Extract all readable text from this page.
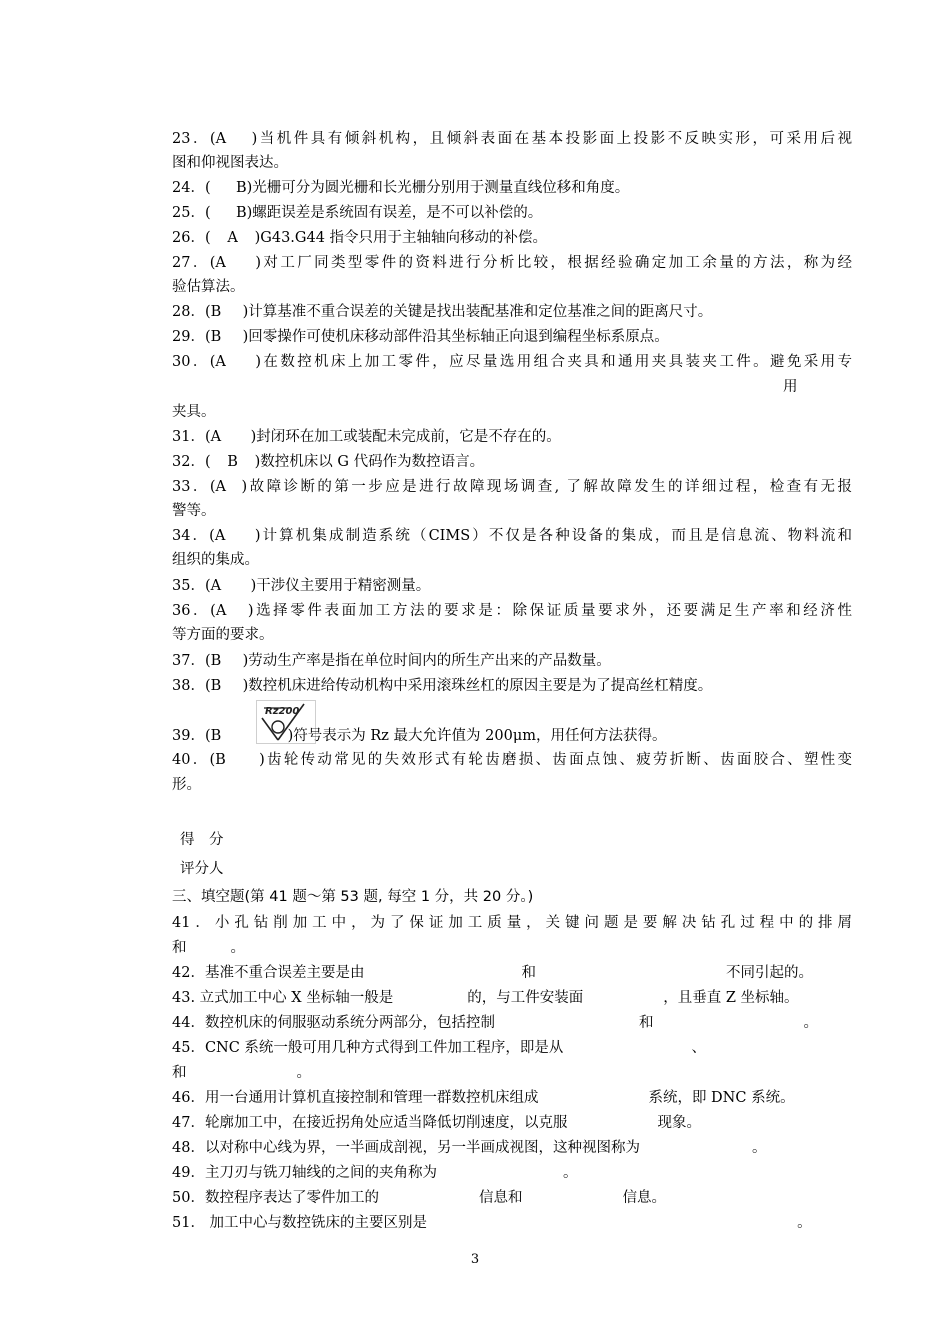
23．(A )当机件具有倾斜机构，且倾斜表面在基本投影面上投影不反映实形，可采用后视
图和仰视图表达。
24．( B)光栅可分为圆光栅和长光栅分别用于测量直线位移和角度。
25．( B)螺距误差是系统固有误差，是不可以补偿的。
26．( A )G43.G44 指令只用于主轴轴向移动的补偿。
27．(A )对工厂同类型零件的资料进行分析比较，根据经验确定加工余量的方法，称为经
验估算法。
28．(B )计算基准不重合误差的关键是找出装配基准和定位基准之间的距离尺寸。
29．(B )回零操作可使机床移动部件沿其坐标轴正向退到编程坐标系原点。
30．(A )在数控机床上加工零件，应尽量选用组合夹具和通用夹具装夹工件。避免采用专
用
夹具。
31．(A )封闭环在加工或装配未完成前，它是不存在的。
32．( B )数控机床以 G 代码作为数控语言。
33．(A )故障诊断的第一步应是进行故障现场调查, 了解故障发生的详细过程，检查有无报
警等。
34．(A )计算机集成制造系统（CIMS）不仅是各种设备的集成，而且是信息流、物料流和
组织的集成。
35．(A )干涉仪主要用于精密测量。
36．(A )选择零件表面加工方法的要求是：除保证质量要求外，还要满足生产率和经济性
等方面的要求。
37．(B )劳动生产率是指在单位时间内的所生产出来的产品数量。
38．(B )数控机床进给传动机构中采用滚珠丝杠的原因主要是为了提高丝杠精度。
Rz200
39．(B	)符号表示为 Rz 最大允许值为 200μm，用任何方法获得。
40．(B )齿轮传动常见的失效形式有轮齿磨损、齿面点蚀、疲劳折断、齿面胶合、塑性变
形。
得　分
评分人
三、填空题(第 41 题～第 53 题, 每空 1 分，共 20 分。)
41．小孔钻削加工中，为了保证加工质量，关键问题是要解决钻孔过程中的排屑
和	。
42．基准不重合误差主要是由	和	不同引起的。
43. 立式加工中心 X 坐标轴一般是	的，与工件安装面	，且垂直 Z 坐标轴。
44．数控机床的伺服驱动系统分两部分，包括控制	和	。
45．CNC 系统一般可用几种方式得到工件加工程序，即是从	、
和	。
46．用一台通用计算机直接控制和管理一群数控机床组成	系统，即 DNC 系统。
47．轮廓加工中，在接近拐角处应适当降低切削速度，以克服	现象。
48．以对称中心线为界，一半画成剖视，另一半画成视图，这种视图称为	。
49．主刀刃与铣刀轴线的之间的夹角称为	。
50．数控程序表达了零件加工的	信息和	信息。
51． 加工中心与数控铣床的主要区别是	。
3
